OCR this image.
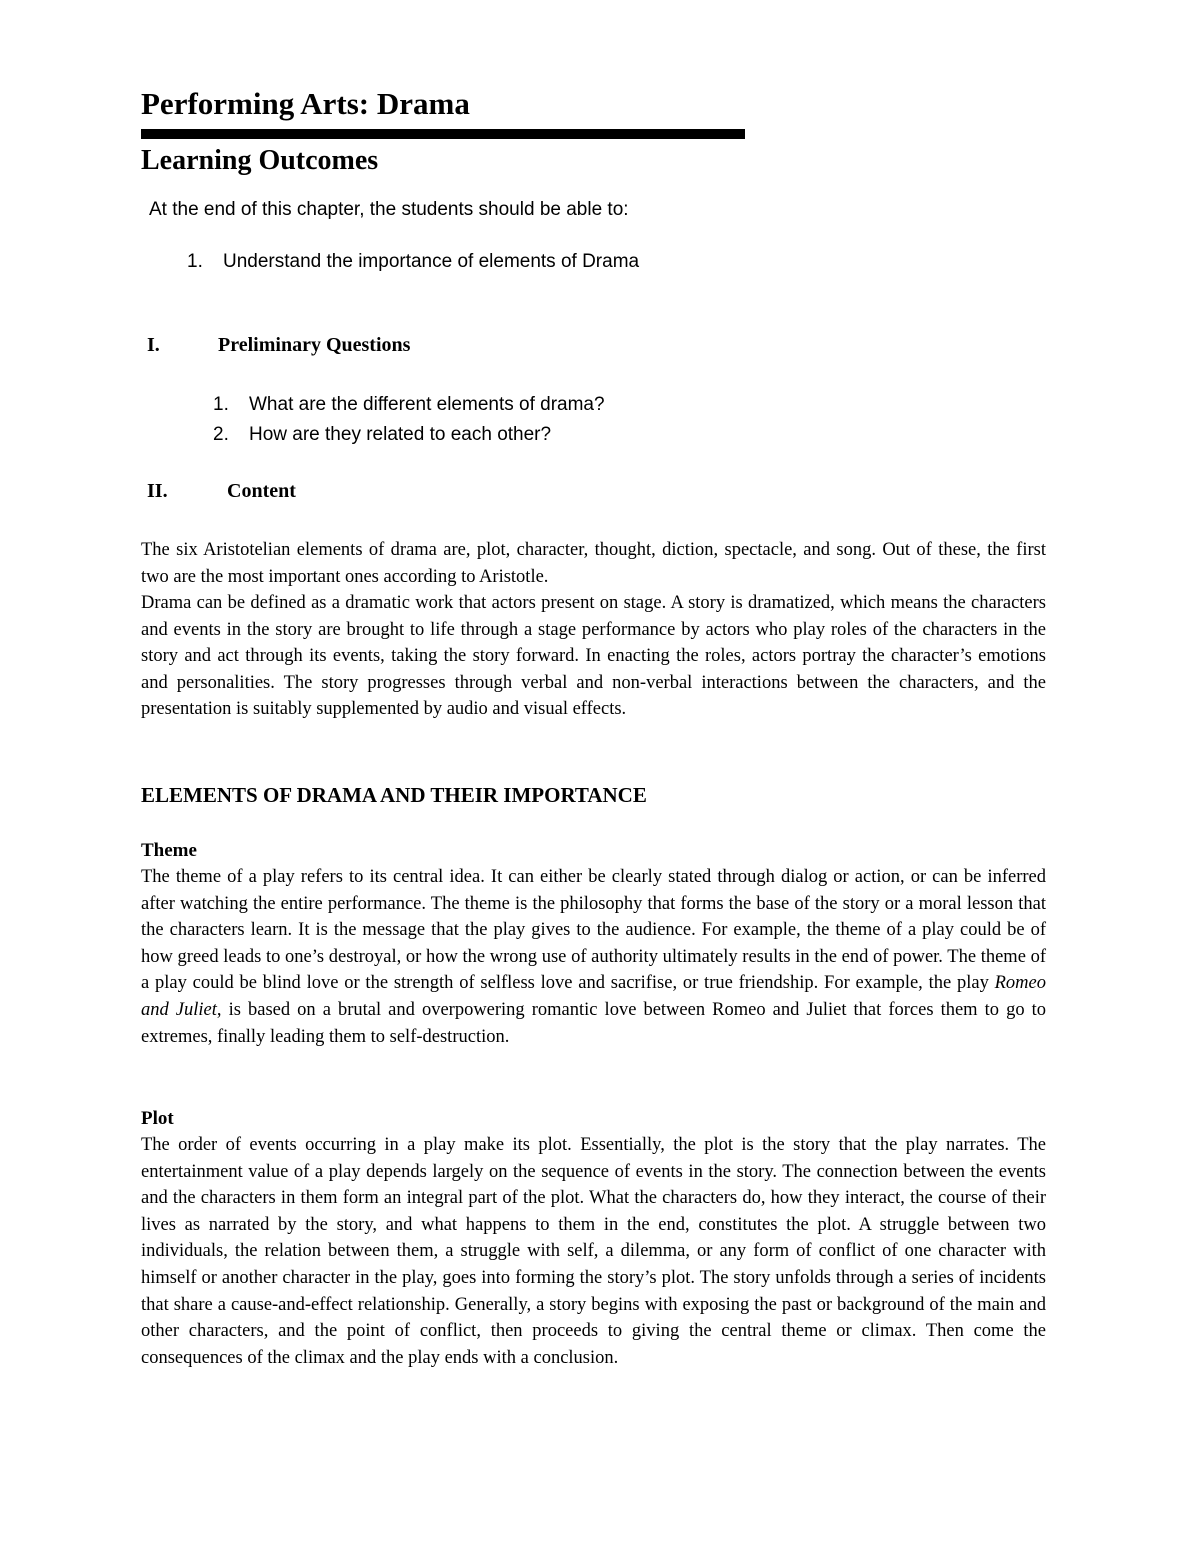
Performing Arts: Drama
Learning Outcomes

At the end of this chapter, the students should be able to:

1.	Understand the importance of elements of Drama
I.	Preliminary Questions
1.	What are the different elements of drama?
2.	How are they related to each other?
II.	Content

The six Aristotelian elements of drama are, plot, character, thought, diction, spectacle, and song. Out of these, the first two are the most important ones according to Aristotle.

Drama can be defined as a dramatic work that actors present on stage. A story is dramatized, which means the characters and events in the story are brought to life through a stage performance by actors who play roles of the characters in the story and act through its events, taking the story forward. In enacting the roles, actors portray the character’s emotions and personalities. The story progresses through verbal and non-verbal interactions between the characters, and the presentation is suitably supplemented by audio and visual effects.

ELEMENTS OF DRAMA AND THEIR IMPORTANCE
Theme

The theme of a play refers to its central idea. It can either be clearly stated through dialog or action, or can be inferred after watching the entire performance. The theme is the philosophy that forms the base of the story or a moral lesson that the characters learn. It is the message that the play gives to the audience. For example, the theme of a play could be of how greed leads to one’s destroyal, or how the wrong use of authority ultimately results in the end of power. The theme of a play could be blind love or the strength of selfless love and sacrifise, or true friendship. For example, the play Romeo and Juliet, is based on a brutal and overpowering romantic love between Romeo and Juliet that forces them to go to extremes, finally leading them to self-destruction.

Plot

The order of events occurring in a play make its plot. Essentially, the plot is the story that the play narrates. The entertainment value of a play depends largely on the sequence of events in the story. The connection between the events and the characters in them form an integral part of the plot. What the characters do, how they interact, the course of their lives as narrated by the story, and what happens to them in the end, constitutes the plot. A struggle between two individuals, the relation between them, a struggle with self, a dilemma, or any form of conflict of one character with himself or another character in the play, goes into forming the story’s plot. The story unfolds through a series of incidents that share a cause-and-effect relationship. Generally, a story begins with exposing the past or background of the main and other characters, and the point of conflict, then proceeds to giving the central theme or climax. Then come the consequences of the climax and the play ends with a conclusion.
